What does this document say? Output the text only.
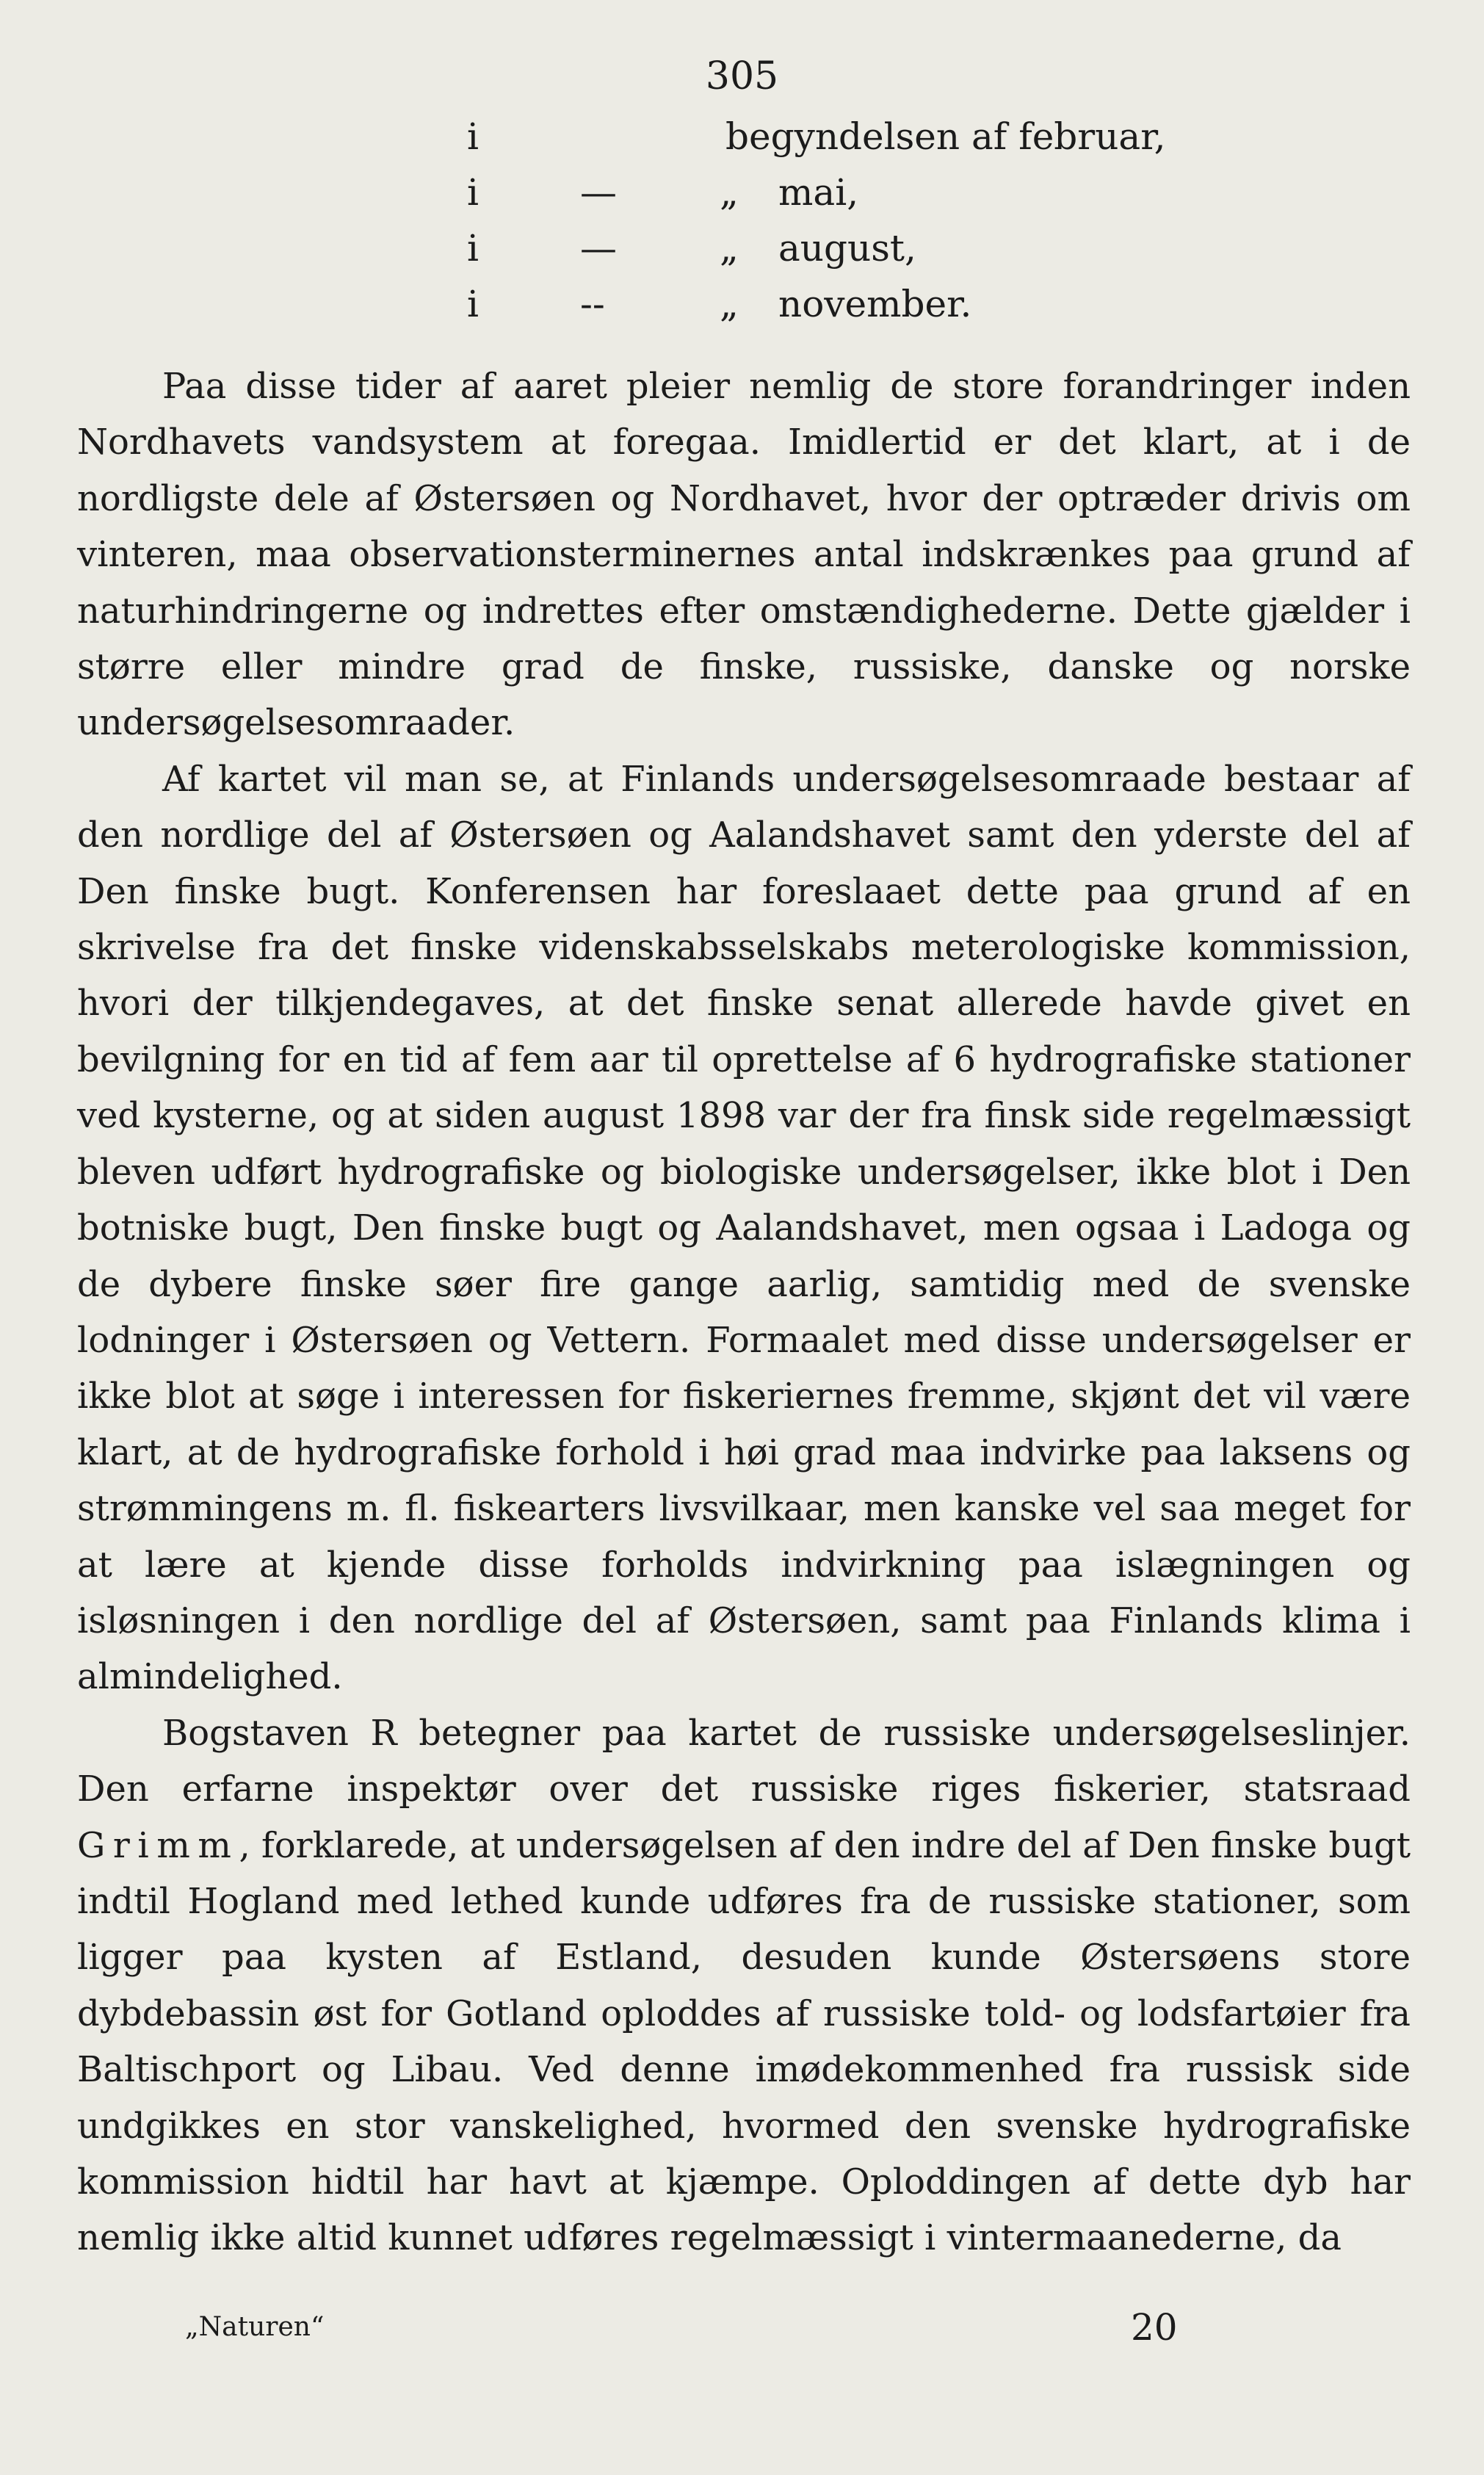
305
i	begyndelsen af februar,
i	—	„ mai,
i	—	„ august,
i	--	„ november.

Paa disse tider af aaret pleier nemlig de store forandringer inden Nordhavets vandsystem at foregaa. Imidlertid er det klart, at i de nordligste dele af Østersøen og Nordhavet, hvor der optræder drivis om vinteren, maa observationsterminernes antal indskrænkes paa grund af naturhindringerne og indrettes efter omstændighederne. Dette gjælder i større eller mindre grad de finske, russiske, danske og norske undersøgelsesomraader.

Af kartet vil man se, at Finlands undersøgelsesomraade bestaar af den nordlige del af Østersøen og Aalandshavet samt den yderste del af Den finske bugt. Konferensen har foreslaaet dette paa grund af en skrivelse fra det finske videnskabsselskabs meterologiske kommission, hvori der tilkjendegaves, at det finske senat allerede havde givet en bevilgning for en tid af fem aar til oprettelse af 6 hydrografiske stationer ved kysterne, og at siden august 1898 var der fra finsk side regelmæssigt bleven udført hydrografiske og biologiske undersøgelser, ikke blot i Den botniske bugt, Den finske bugt og Aalandshavet, men ogsaa i Ladoga og de dybere finske søer fire gange aarlig, samtidig med de svenske lodninger i Østersøen og Vettern. Formaalet med disse undersøgelser er ikke blot at søge i interessen for fiskeriernes fremme, skjønt det vil være klart, at de hydrografiske forhold i høi grad maa indvirke paa laksens og strømmingens m. fl. fiskearters livsvilkaar, men kanske vel saa meget for at lære at kjende disse forholds indvirkning paa islægningen og isløsningen i den nordlige del af Østersøen, samt paa Finlands klima i almindelighed.

Bogstaven R betegner paa kartet de russiske undersøgelseslinjer. Den erfarne inspektør over det russiske riges fiskerier, statsraad Grimm, forklarede, at undersøgelsen af den indre del af Den finske bugt indtil Hogland med lethed kunde udføres fra de russiske stationer, som ligger paa kysten af Estland, desuden kunde Østersøens store dybdebassin øst for Gotland oploddes af russiske told- og lodsfartøier fra Baltischport og Libau. Ved denne imødekommenhed fra russisk side undgikkes en stor vanskelighed, hvormed den svenske hydrografiske kommission hidtil har havt at kjæmpe. Oploddingen af dette dyb har nemlig ikke altid kunnet udføres regelmæssigt i vintermaanederne, da

„Naturen“	20
